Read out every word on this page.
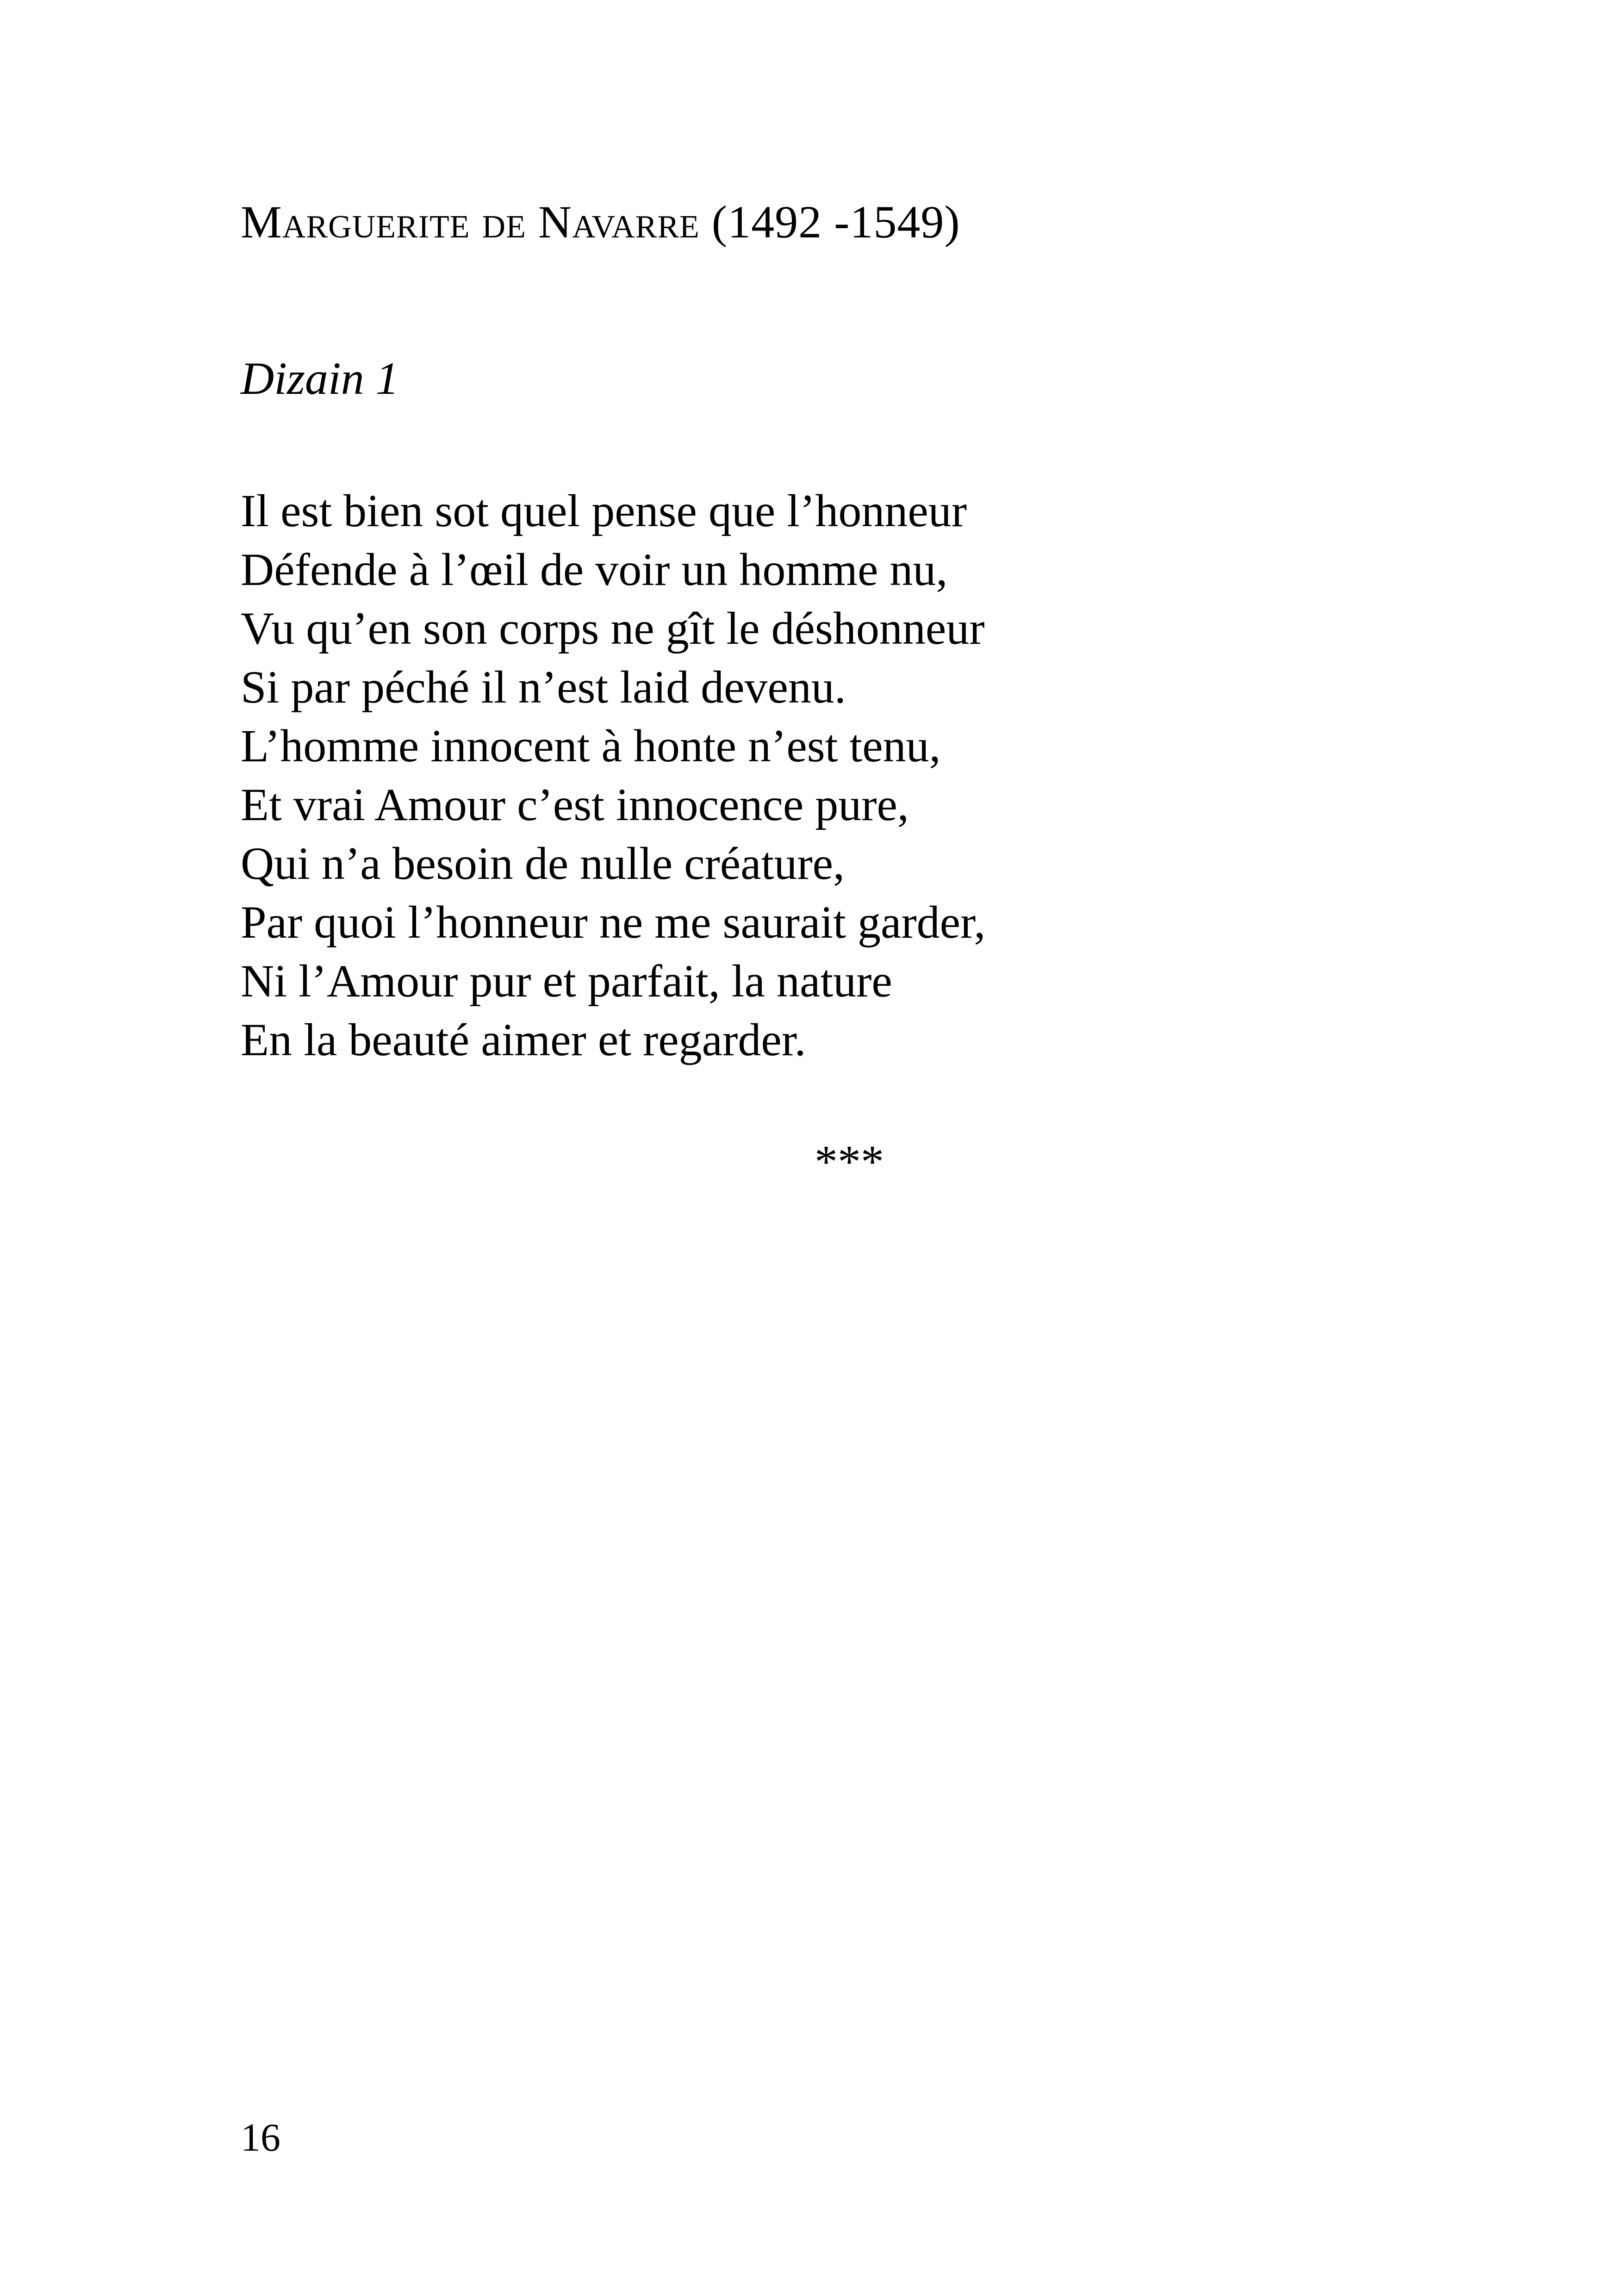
Marguerite de Navarre (1492 -1549)
Dizain 1
Il est bien sot quel pense que l’honneur
Défende à l’œil de voir un homme nu,
Vu qu’en son corps ne gît le déshonneur
Si par péché il n’est laid devenu.
L’homme innocent à honte n’est tenu,
Et vrai Amour c’est innocence pure,
Qui n’a besoin de nulle créature,
Par quoi l’honneur ne me saurait garder,
Ni l’Amour pur et parfait, la nature
En la beauté aimer et regarder.
***
16
